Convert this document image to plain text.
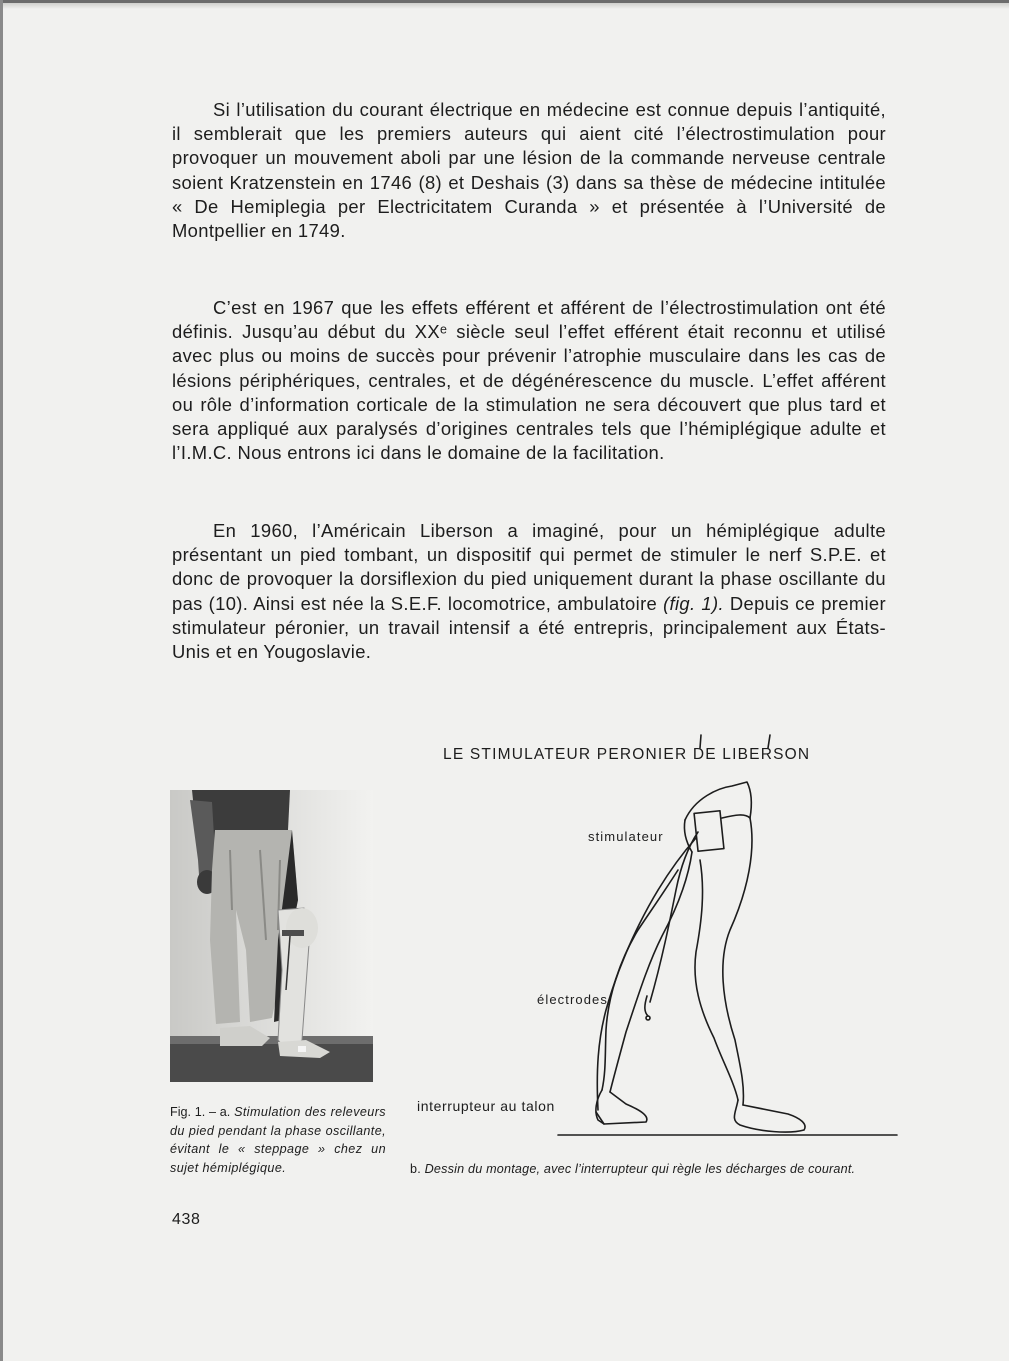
Si l’utilisation du courant électrique en médecine est connue depuis l’antiquité, il semblerait que les premiers auteurs qui aient cité l’électrostimulation pour provoquer un mouvement aboli par une lésion de la commande nerveuse centrale soient Kratzenstein en 1746 (8) et Deshais (3) dans sa thèse de médecine intitulée « De Hemiplegia per Electricitatem Curanda » et présentée à l’Université de Montpellier en 1749.

C’est en 1967 que les effets efférent et afférent de l’électrostimulation ont été définis. Jusqu’au début du XXᵉ siècle seul l’effet efférent était reconnu et utilisé avec plus ou moins de succès pour prévenir l’atrophie musculaire dans les cas de lésions périphériques, centrales, et de dégénérescence du muscle. L’effet afférent ou rôle d’information corticale de la stimulation ne sera découvert que plus tard et sera appliqué aux paralysés d’origines centrales tels que l’hémiplégique adulte et l’I.M.C. Nous entrons ici dans le domaine de la facilitation.

En 1960, l’Américain Liberson a imaginé, pour un hémiplégique adulte présentant un pied tombant, un dispositif qui permet de stimuler le nerf S.P.E. et donc de provoquer la dorsiflexion du pied uniquement durant la phase oscillante du pas (10). Ainsi est née la S.E.F. locomotrice, ambulatoire (fig. 1). Depuis ce premier stimulateur péronier, un travail intensif a été entrepris, principalement aux États-Unis et en Yougoslavie.

Fig. 1. – a. Stimulation des releveurs du pied pendant la phase oscillante, évitant le « steppage » chez un sujet hémiplégique.

LE STIMULATEUR PERONIER DE LIBERSON

stimulateur
électrodes
interrupteur au talon

b. Dessin du montage, avec l’interrupteur qui règle les décharges de courant.

438
